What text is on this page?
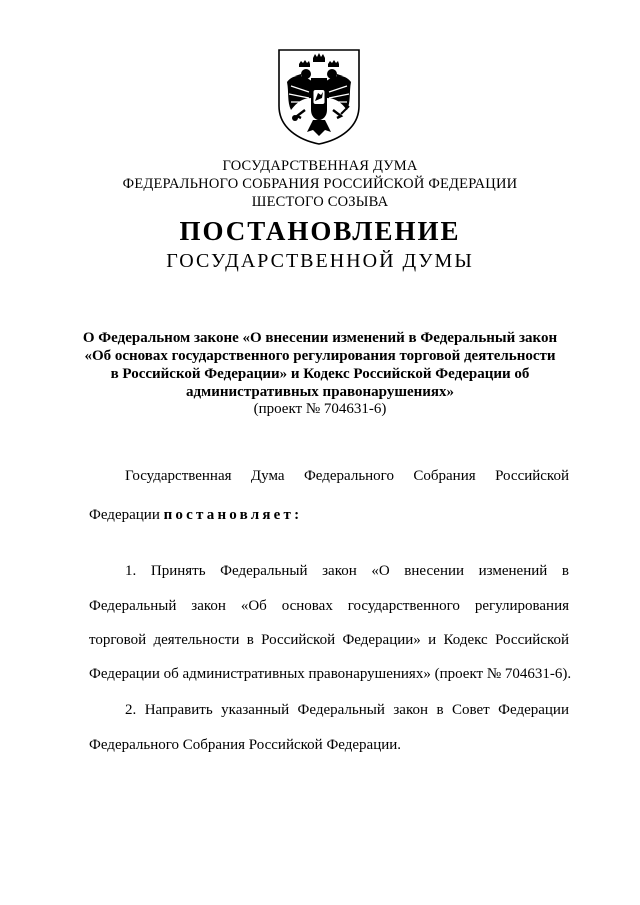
ГОСУДАРСТВЕННАЯ ДУМА
ФЕДЕРАЛЬНОГО СОБРАНИЯ РОССИЙСКОЙ ФЕДЕРАЦИИ
ШЕСТОГО СОЗЫВА
ПОСТАНОВЛЕНИЕ
ГОСУДАРСТВЕННОЙ ДУМЫ
О Федеральном законе «О внесении изменений в Федеральный закон
«Об основах государственного регулирования торговой деятельности
в Российской Федерации» и Кодекс Российской Федерации об
административных правонарушениях»
(проект № 704631-6)
Государственная Дума Федерального Собрания Российской
Федерации постановляет:
1. Принять Федеральный закон «О внесении изменений в
Федеральный закон «Об основах государственного регулирования
торговой деятельности в Российской Федерации» и Кодекс Российской
Федерации об административных правонарушениях» (проект № 704631-6).
2. Направить указанный Федеральный закон в Совет Федерации
Федерального Собрания Российской Федерации.
